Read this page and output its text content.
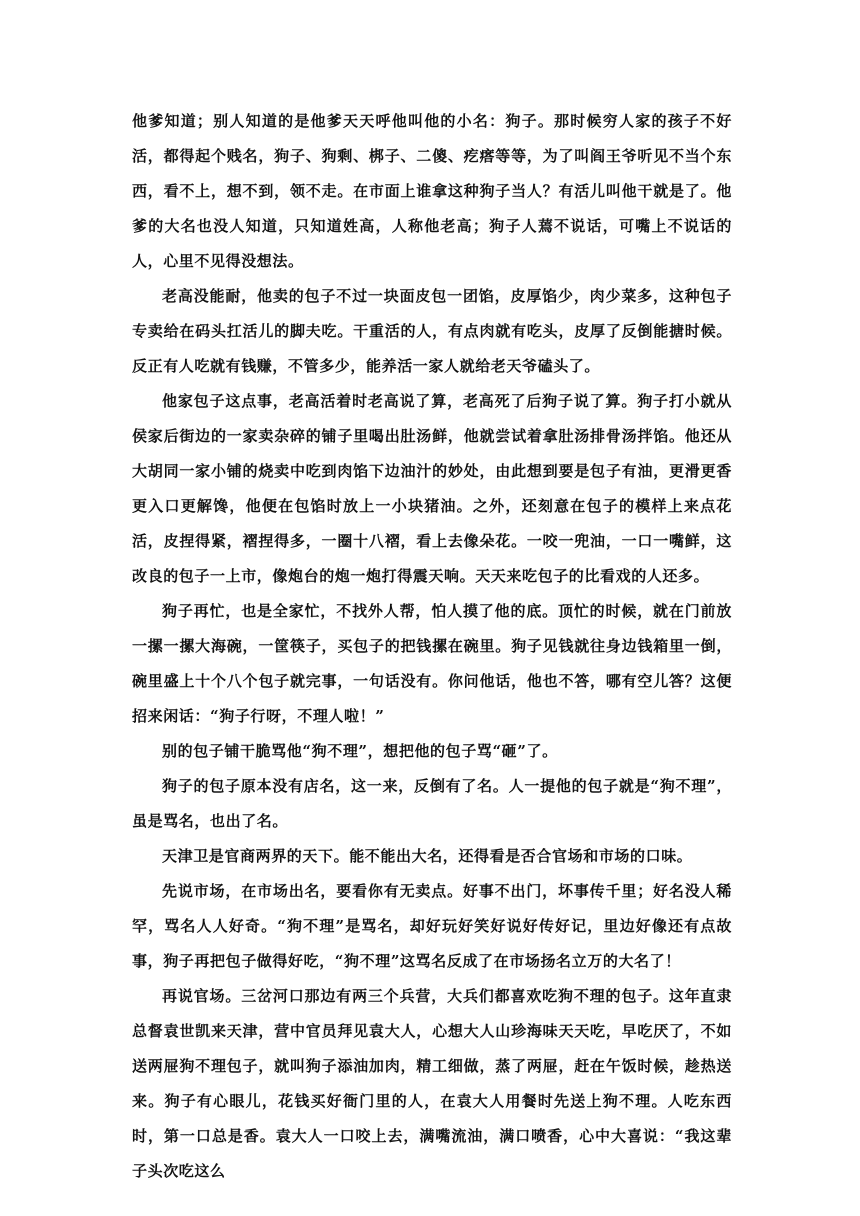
他爹知道；别人知道的是他爹天天呼他叫他的小名：狗子。那时候穷人家的孩子不好活，都得起个贱名，狗子、狗剩、梆子、二傻、疙瘩等等，为了叫阎王爷听见不当个东西，看不上，想不到，领不走。在市面上谁拿这种狗子当人？有活儿叫他干就是了。他爹的大名也没人知道，只知道姓高，人称他老高；狗子人蔫不说话，可嘴上不说话的人，心里不见得没想法。

老高没能耐，他卖的包子不过一块面皮包一团馅，皮厚馅少，肉少菜多，这种包子专卖给在码头扛活儿的脚夫吃。干重活的人，有点肉就有吃头，皮厚了反倒能搪时候。反正有人吃就有钱赚，不管多少，能养活一家人就给老天爷磕头了。

他家包子这点事，老高活着时老高说了算，老高死了后狗子说了算。狗子打小就从侯家后街边的一家卖杂碎的铺子里喝出肚汤鲜，他就尝试着拿肚汤排骨汤拌馅。他还从大胡同一家小铺的烧卖中吃到肉馅下边油汁的妙处，由此想到要是包子有油，更滑更香更入口更解馋，他便在包馅时放上一小块猪油。之外，还刻意在包子的模样上来点花活，皮捏得紧，褶捏得多，一圈十八褶，看上去像朵花。一咬一兜油，一口一嘴鲜，这改良的包子一上市，像炮台的炮一炮打得震天响。天天来吃包子的比看戏的人还多。

狗子再忙，也是全家忙，不找外人帮，怕人摸了他的底。顶忙的时候，就在门前放一摞一摞大海碗，一筐筷子，买包子的把钱摞在碗里。狗子见钱就往身边钱箱里一倒，碗里盛上十个八个包子就完事，一句话没有。你问他话，他也不答，哪有空儿答？这便招来闲话：“狗子行呀，不理人啦！”

别的包子铺干脆骂他“狗不理”，想把他的包子骂“砸”了。

狗子的包子原本没有店名，这一来，反倒有了名。人一提他的包子就是“狗不理”，虽是骂名，也出了名。

天津卫是官商两界的天下。能不能出大名，还得看是否合官场和市场的口味。

先说市场，在市场出名，要看你有无卖点。好事不出门，坏事传千里；好名没人稀罕，骂名人人好奇。“狗不理”是骂名，却好玩好笑好说好传好记，里边好像还有点故事，狗子再把包子做得好吃，“狗不理”这骂名反成了在市场扬名立万的大名了！

再说官场。三岔河口那边有两三个兵营，大兵们都喜欢吃狗不理的包子。这年直隶总督袁世凯来天津，营中官员拜见袁大人，心想大人山珍海味天天吃，早吃厌了，不如送两屉狗不理包子，就叫狗子添油加肉，精工细做，蒸了两屉，赶在午饭时候，趁热送来。狗子有心眼儿，花钱买好衙门里的人，在袁大人用餐时先送上狗不理。人吃东西时，第一口总是香。袁大人一口咬上去，满嘴流油，满口喷香，心中大喜说：“我这辈子头次吃这么
